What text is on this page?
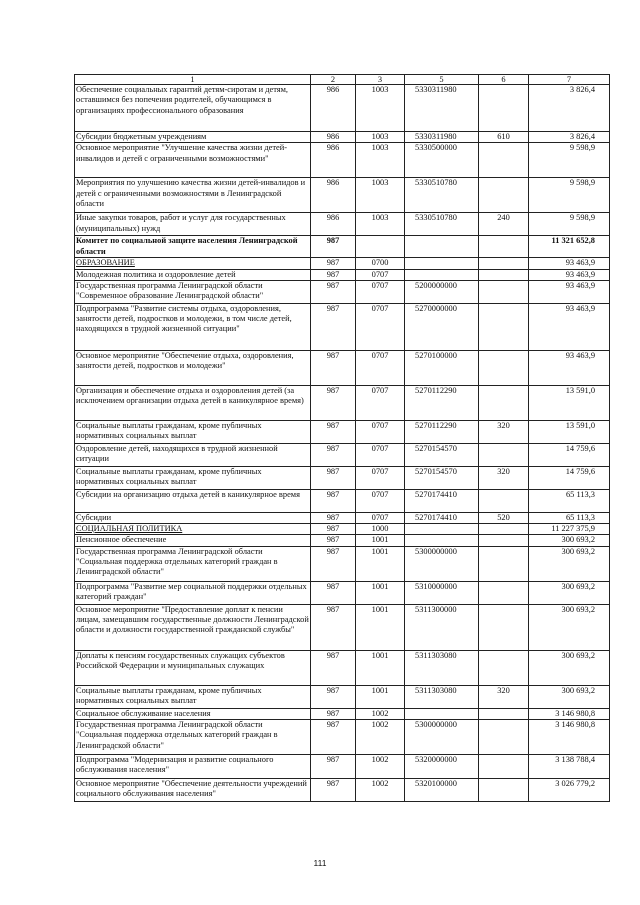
1	2	3	5	6	7
Обеспечение социальных гарантий детям-сиротам и детям, оставшимся без попечения родителей, обучающимся в организациях профессионального образования	986	1003	5330311980		3 826,4
Субсидии бюджетным учреждениям	986	1003	5330311980	610	3 826,4
Основное мероприятие "Улучшение качества жизни детей-инвалидов и детей с ограниченными возможностями"	986	1003	5330500000		9 598,9
Мероприятия по улучшению качества жизни детей-инвалидов и детей с ограниченными возможностями в Ленинградской области	986	1003	5330510780		9 598,9
Иные закупки товаров, работ и услуг для государственных (муниципальных) нужд	986	1003	5330510780	240	9 598,9
Комитет по социальной защите населения Ленинградской области	987				11 321 652,8
ОБРАЗОВАНИЕ	987	0700			93 463,9
Молодежная политика и оздоровление детей	987	0707			93 463,9
Государственная программа Ленинградской области "Современное образование Ленинградской области"	987	0707	5200000000		93 463,9
Подпрограмма "Развитие системы отдыха, оздоровления, занятости детей, подростков и молодежи, в том числе детей, находящихся в трудной жизненной ситуации"	987	0707	5270000000		93 463,9
Основное мероприятие "Обеспечение отдыха, оздоровления, занятости детей, подростков и молодежи"	987	0707	5270100000		93 463,9
Организация и обеспечение отдыха и оздоровления детей (за исключением организации отдыха детей в каникулярное время)	987	0707	5270112290		13 591,0
Социальные выплаты гражданам, кроме публичных нормативных социальных выплат	987	0707	5270112290	320	13 591,0
Оздоровление детей, находящихся в трудной жизненной ситуации	987	0707	5270154570		14 759,6
Социальные выплаты гражданам, кроме публичных нормативных социальных выплат	987	0707	5270154570	320	14 759,6
Субсидии на организацию отдыха детей в каникулярное время	987	0707	5270174410		65 113,3
Субсидии	987	0707	5270174410	520	65 113,3
СОЦИАЛЬНАЯ ПОЛИТИКА	987	1000			11 227 375,9
Пенсионное обеспечение	987	1001			300 693,2
Государственная программа Ленинградской области "Социальная поддержка отдельных категорий граждан в Ленинградской области"	987	1001	5300000000		300 693,2
Подпрограмма "Развитие мер социальной поддержки отдельных категорий граждан"	987	1001	5310000000		300 693,2
Основное мероприятие "Предоставление доплат к пенсии лицам, замещавшим государственные должности Ленинградской области и должности государственной гражданской службы"	987	1001	5311300000		300 693,2
Доплаты к пенсиям государственных служащих субъектов Российской Федерации и муниципальных служащих	987	1001	5311303080		300 693,2
Социальные выплаты гражданам, кроме публичных нормативных социальных выплат	987	1001	5311303080	320	300 693,2
Социальное обслуживание населения	987	1002			3 146 980,8
Государственная программа Ленинградской области "Социальная поддержка отдельных категорий граждан в Ленинградской области"	987	1002	5300000000		3 146 980,8
Подпрограмма "Модернизация и развитие социального обслуживания населения"	987	1002	5320000000		3 138 788,4
Основное мероприятие "Обеспечение деятельности учреждений социального обслуживания населения"	987	1002	5320100000		3 026 779,2
111
